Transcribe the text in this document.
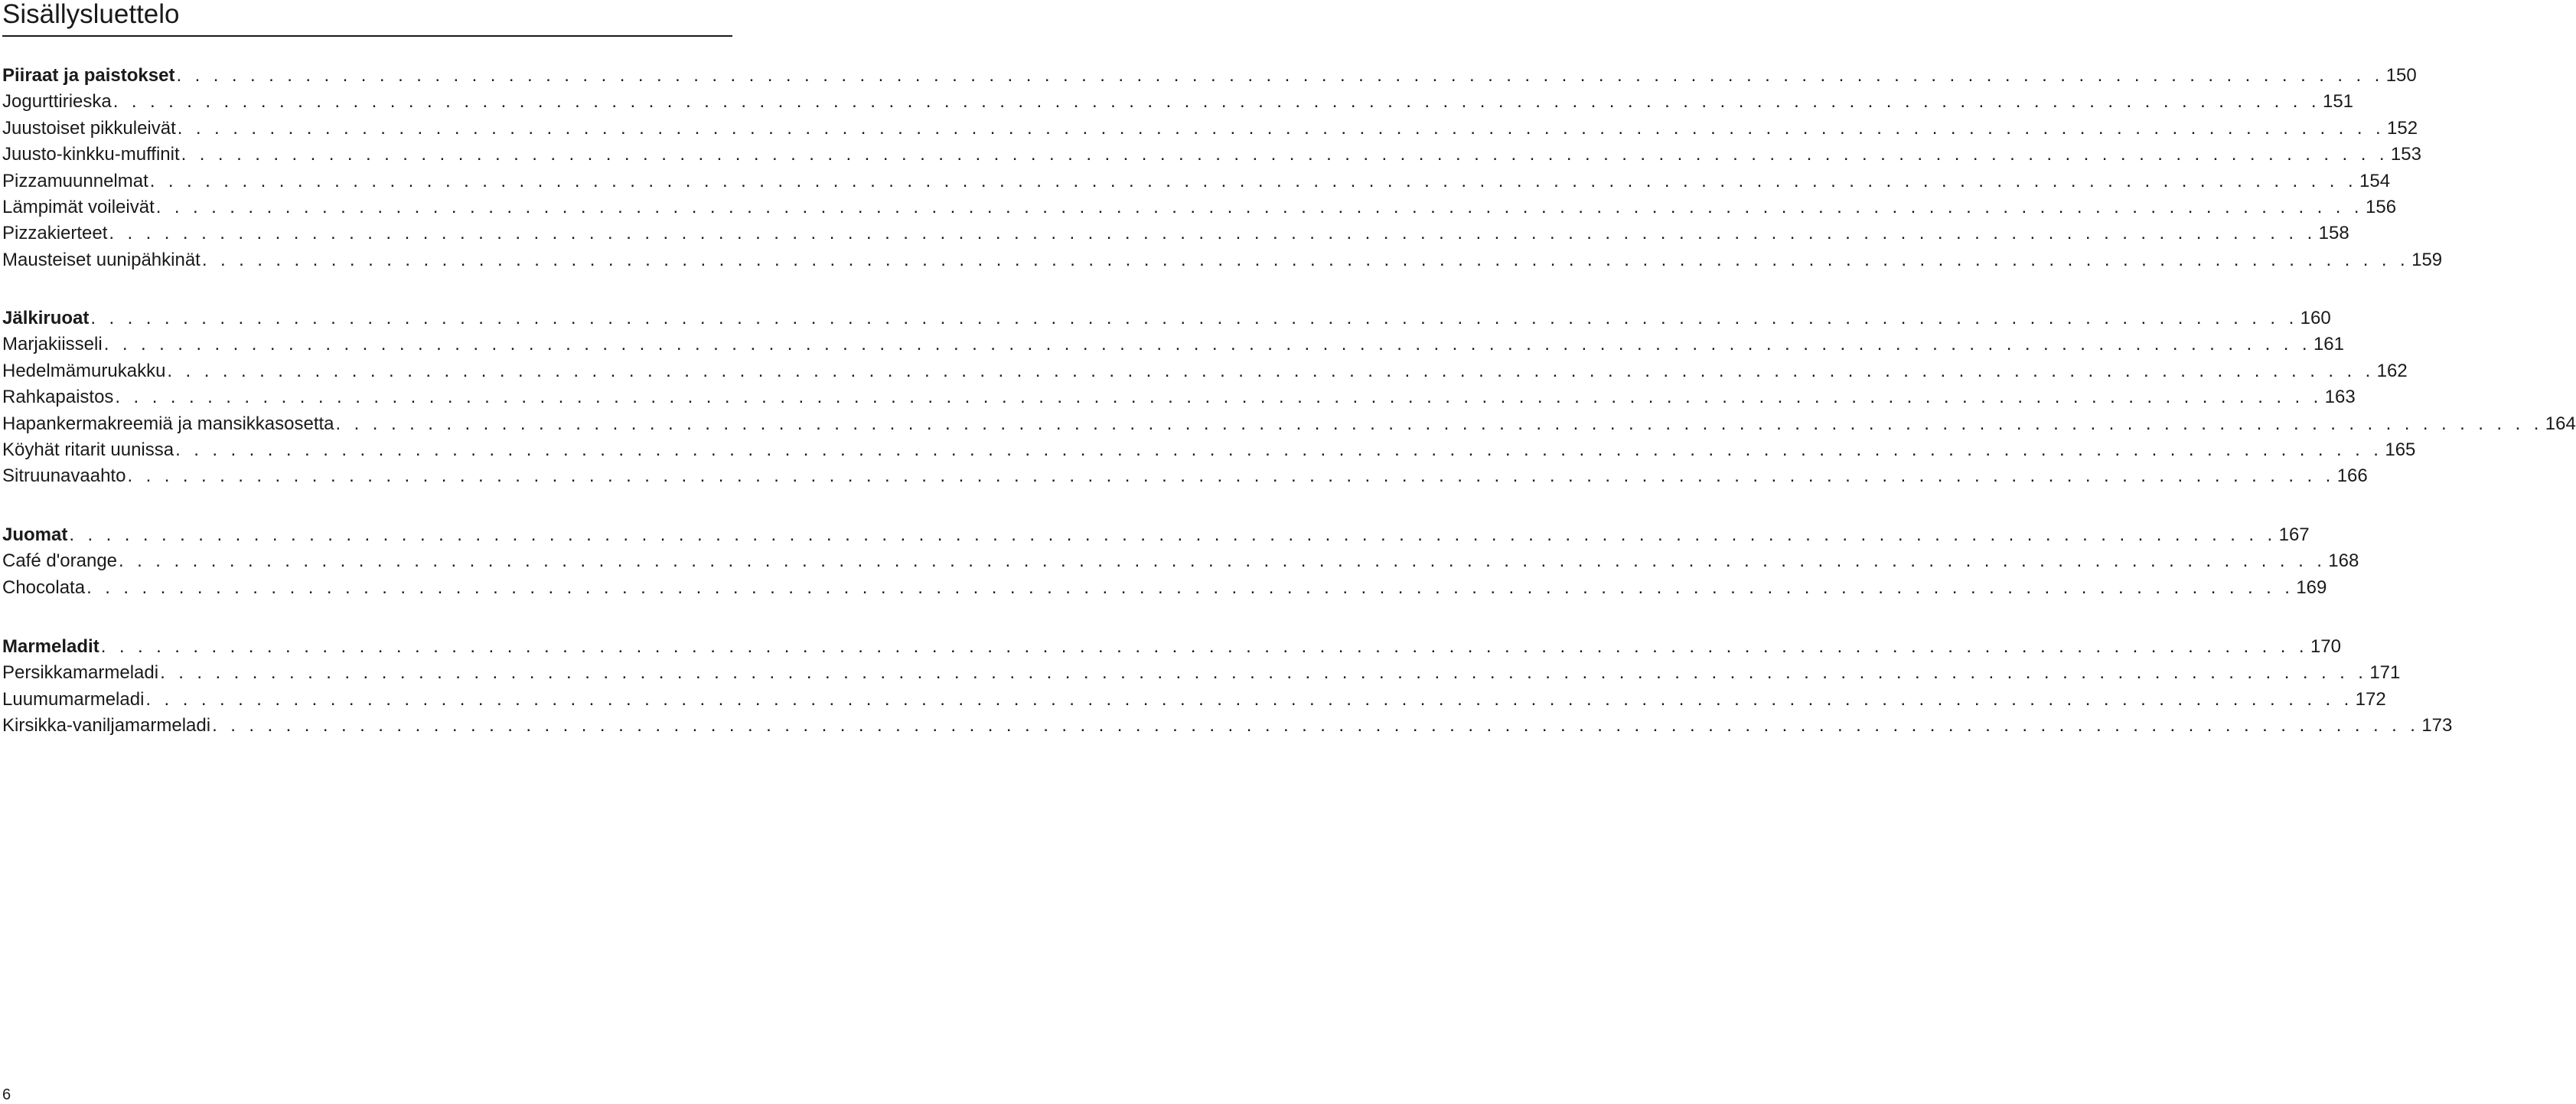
Sisällysluettelo
Piiraat ja paistokset . . . . . . . . . . . . . . . . . . . . . . . . . . . . . . . . . . . . . . . . . . . . . . . . . . . . . . . . . . . . . . . . . . . . . . . . . . . . . . . . . . . . . . . . . . . . . . . . . . . . . . . . . . . . . . . . . . . . . . . . 150
Jogurttirieska . . . . . . . . . . . . . . . . . . . . . . . . . . . . . . . . . . . . . . . . . . . . . . . . . . . . . . . . . . . . . . . . . . . . . . . . . . . . . . . . . . . . . . . . . . . . . . . . . . . . . . . . . . . . . . . . . . . . . . . . 151
Juustoiset pikkuleivät . . . . . . . . . . . . . . . . . . . . . . . . . . . . . . . . . . . . . . . . . . . . . . . . . . . . . . . . . . . . . . . . . . . . . . . . . . . . . . . . . . . . . . . . . . . . . . . . . . . . . . . . . . . . . . . . . . . . . . . . 152
Juusto-kinkku-muffinit . . . . . . . . . . . . . . . . . . . . . . . . . . . . . . . . . . . . . . . . . . . . . . . . . . . . . . . . . . . . . . . . . . . . . . . . . . . . . . . . . . . . . . . . . . . . . . . . . . . . . . . . . . . . . . . . . . . . . . . . 153
Pizzamuunnelmat . . . . . . . . . . . . . . . . . . . . . . . . . . . . . . . . . . . . . . . . . . . . . . . . . . . . . . . . . . . . . . . . . . . . . . . . . . . . . . . . . . . . . . . . . . . . . . . . . . . . . . . . . . . . . . . . . . . . . . . . 154
Lämpimät voileivät . . . . . . . . . . . . . . . . . . . . . . . . . . . . . . . . . . . . . . . . . . . . . . . . . . . . . . . . . . . . . . . . . . . . . . . . . . . . . . . . . . . . . . . . . . . . . . . . . . . . . . . . . . . . . . . . . . . . . . . . 156
Pizzakierteet . . . . . . . . . . . . . . . . . . . . . . . . . . . . . . . . . . . . . . . . . . . . . . . . . . . . . . . . . . . . . . . . . . . . . . . . . . . . . . . . . . . . . . . . . . . . . . . . . . . . . . . . . . . . . . . . . . . . . . . . 158
Mausteiset uunipähkinät . . . . . . . . . . . . . . . . . . . . . . . . . . . . . . . . . . . . . . . . . . . . . . . . . . . . . . . . . . . . . . . . . . . . . . . . . . . . . . . . . . . . . . . . . . . . . . . . . . . . . . . . . . . . . . . . . . . . . . . . 159
Jälkiruoat . . . . . . . . . . . . . . . . . . . . . . . . . . . . . . . . . . . . . . . . . . . . . . . . . . . . . . . . . . . . . . . . . . . . . . . . . . . . . . . . . . . . . . . . . . . . . . . . . . . . . . . . . . . . . . . . . . . . . . . . 160
Marjakiisseli . . . . . . . . . . . . . . . . . . . . . . . . . . . . . . . . . . . . . . . . . . . . . . . . . . . . . . . . . . . . . . . . . . . . . . . . . . . . . . . . . . . . . . . . . . . . . . . . . . . . . . . . . . . . . . . . . . . . . . . . 161
Hedelmämurukakku . . . . . . . . . . . . . . . . . . . . . . . . . . . . . . . . . . . . . . . . . . . . . . . . . . . . . . . . . . . . . . . . . . . . . . . . . . . . . . . . . . . . . . . . . . . . . . . . . . . . . . . . . . . . . . . . . . . . . . . . 162
Rahkapaistos . . . . . . . . . . . . . . . . . . . . . . . . . . . . . . . . . . . . . . . . . . . . . . . . . . . . . . . . . . . . . . . . . . . . . . . . . . . . . . . . . . . . . . . . . . . . . . . . . . . . . . . . . . . . . . . . . . . . . . . . 163
Hapankermakreemiä ja mansikkasosetta . . . . . . . . . . . . . . . . . . . . . . . . . . . . . . . . . . . . . . . . . . . . . . . . . . . . . . . . . . . . . . . . . . . . . . . . . . . . . . . . . . . . . . . . . . . . . . . . . . . . . . . . . . . . . . . . . . . . . . . . 164
Köyhät ritarit uunissa . . . . . . . . . . . . . . . . . . . . . . . . . . . . . . . . . . . . . . . . . . . . . . . . . . . . . . . . . . . . . . . . . . . . . . . . . . . . . . . . . . . . . . . . . . . . . . . . . . . . . . . . . . . . . . . . . . . . . . . . 165
Sitruunavaahto . . . . . . . . . . . . . . . . . . . . . . . . . . . . . . . . . . . . . . . . . . . . . . . . . . . . . . . . . . . . . . . . . . . . . . . . . . . . . . . . . . . . . . . . . . . . . . . . . . . . . . . . . . . . . . . . . . . . . . . . 166
Juomat . . . . . . . . . . . . . . . . . . . . . . . . . . . . . . . . . . . . . . . . . . . . . . . . . . . . . . . . . . . . . . . . . . . . . . . . . . . . . . . . . . . . . . . . . . . . . . . . . . . . . . . . . . . . . . . . . . . . . . . . 167
Café d'orange . . . . . . . . . . . . . . . . . . . . . . . . . . . . . . . . . . . . . . . . . . . . . . . . . . . . . . . . . . . . . . . . . . . . . . . . . . . . . . . . . . . . . . . . . . . . . . . . . . . . . . . . . . . . . . . . . . . . . . . . 168
Chocolata . . . . . . . . . . . . . . . . . . . . . . . . . . . . . . . . . . . . . . . . . . . . . . . . . . . . . . . . . . . . . . . . . . . . . . . . . . . . . . . . . . . . . . . . . . . . . . . . . . . . . . . . . . . . . . . . . . . . . . . . 169
Marmeladit . . . . . . . . . . . . . . . . . . . . . . . . . . . . . . . . . . . . . . . . . . . . . . . . . . . . . . . . . . . . . . . . . . . . . . . . . . . . . . . . . . . . . . . . . . . . . . . . . . . . . . . . . . . . . . . . . . . . . . . . 170
Persikkamarmeladi . . . . . . . . . . . . . . . . . . . . . . . . . . . . . . . . . . . . . . . . . . . . . . . . . . . . . . . . . . . . . . . . . . . . . . . . . . . . . . . . . . . . . . . . . . . . . . . . . . . . . . . . . . . . . . . . . . . . . . . . 171
Luumumarmeladi . . . . . . . . . . . . . . . . . . . . . . . . . . . . . . . . . . . . . . . . . . . . . . . . . . . . . . . . . . . . . . . . . . . . . . . . . . . . . . . . . . . . . . . . . . . . . . . . . . . . . . . . . . . . . . . . . . . . . . . . 172
Kirsikka-vaniljamarmeladi . . . . . . . . . . . . . . . . . . . . . . . . . . . . . . . . . . . . . . . . . . . . . . . . . . . . . . . . . . . . . . . . . . . . . . . . . . . . . . . . . . . . . . . . . . . . . . . . . . . . . . . . . . . . . . . . . . . . . . . . 173
6
